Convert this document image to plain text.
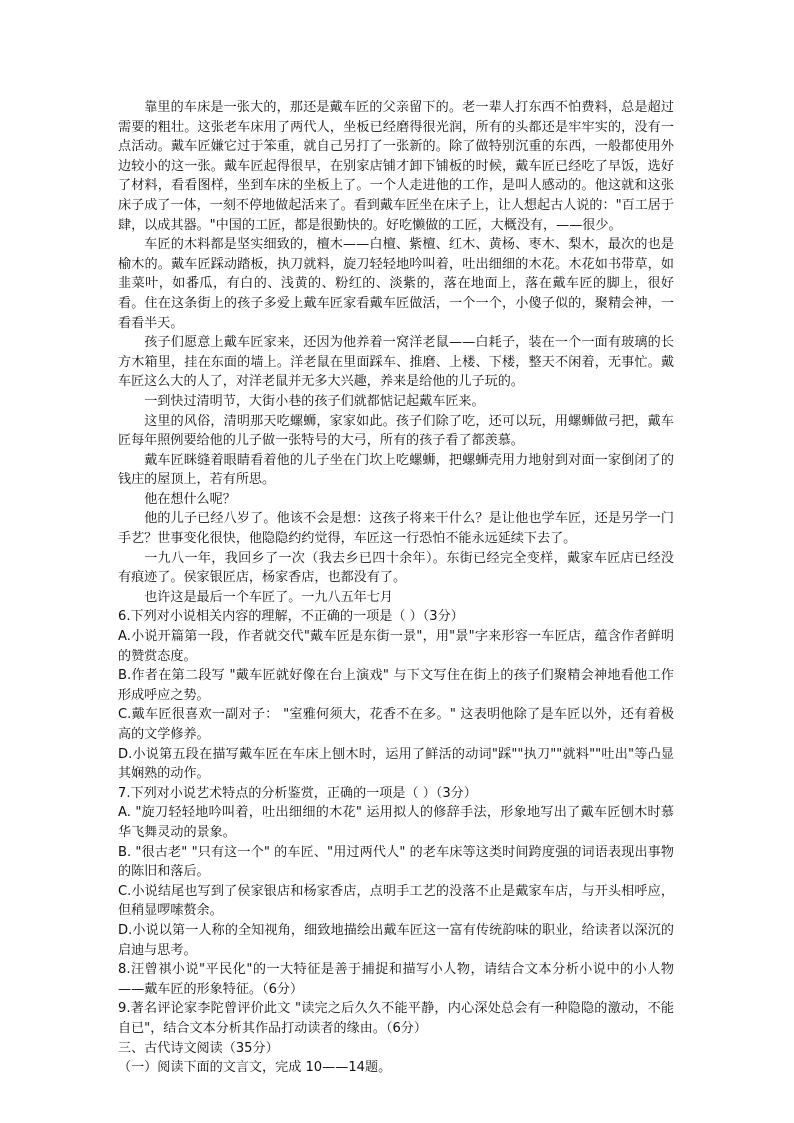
靠里的车床是一张大的，那还是戴车匠的父亲留下的。老一辈人打东西不怕费料，总是超过需要的粗壮。这张老车床用了两代人，坐板已经磨得很光润，所有的头都还是牢牢实的，没有一点活动。戴车匠嫌它过于笨重，就自己另打了一张新的。除了做特别沉重的东西，一般都使用外边较小的这一张。戴车匠起得很早，在别家店铺才卸下铺板的时候，戴车匠已经吃了早饭，选好了材料，看看图样，坐到车床的坐板上了。一个人走进他的工作，是叫人感动的。他这就和这张床子成了一体，一刻不停地做起活来了。看到戴车匠坐在床子上，让人想起古人说的："百工居于肆，以成其器。"中国的工匠，都是很勤快的。好吃懒做的工匠，大概没有，——很少。

车匠的木料都是坚实细致的，檀木——白檀、紫檀、红木、黄杨、枣木、梨木，最次的也是榆木的。戴车匠踩动踏板，执刀就料，旋刀轻轻地吟叫着，吐出细细的木花。木花如书带草，如韭菜叶，如番瓜，有白的、浅黄的、粉红的、淡紫的，落在地面上，落在戴车匠的脚上，很好看。住在这条街上的孩子多爱上戴车匠家看戴车匠做活，一个一个，小傻子似的，聚精会神，一看看半天。

孩子们愿意上戴车匠家来，还因为他养着一窝洋老鼠——白耗子，装在一个一面有玻璃的长方木箱里，挂在东面的墙上。洋老鼠在里面踩车、推磨、上楼、下楼，整天不闲着，无事忙。戴车匠这么大的人了，对洋老鼠并无多大兴趣，养来是给他的儿子玩的。

一到快过清明节，大街小巷的孩子们就都惦记起戴车匠来。

这里的风俗，清明那天吃螺蛳，家家如此。孩子们除了吃，还可以玩，用螺蛳做弓把，戴车匠每年照例要给他的儿子做一张特号的大弓，所有的孩子看了都羡慕。

戴车匠眯缝着眼睛看着他的儿子坐在门坎上吃螺蛳，把螺蛳壳用力地射到对面一家倒闭了的钱庄的屋顶上，若有所思。

他在想什么呢？

他的儿子已经八岁了。他该不会是想：这孩子将来干什么？是让他也学车匠，还是另学一门手艺？世事变化很快，他隐隐约约觉得，车匠这一行恐怕不能永远延续下去了。

一九八一年，我回乡了一次（我去乡已四十余年）。东街已经完全变样，戴家车匠店已经没有痕迹了。侯家银匠店，杨家香店，也都没有了。

也许这是最后一个车匠了。一九八五年七月

6.下列对小说相关内容的理解，不正确的一项是（ ）（3分）

A.小说开篇第一段，作者就交代"戴车匠是东街一景"，用"景"字来形容一车匠店，蕴含作者鲜明的赞赏态度。

B.作者在第二段写 "戴车匠就好像在台上演戏" 与下文写住在街上的孩子们聚精会神地看他工作形成呼应之势。

C.戴车匠很喜欢一副对子： "室雅何须大，花香不在多。" 这表明他除了是车匠以外，还有着极高的文学修养。

D.小说第五段在描写戴车匠在车床上刨木时，运用了鲜活的动词"踩""执刀""就料""吐出"等凸显其娴熟的动作。

7.下列对小说艺术特点的分析鉴赏，正确的一项是（ ）（3分）

A. "旋刀轻轻地吟叫着，吐出细细的木花" 运用拟人的修辞手法，形象地写出了戴车匠刨木时慕华飞舞灵动的景象。

B. "很古老" "只有这一个" 的车匠、"用过两代人" 的老车床等这类时间跨度强的词语表现出事物的陈旧和落后。

C.小说结尾也写到了侯家银店和杨家香店，点明手工艺的没落不止是戴家车店，与开头相呼应，但稍显啰嗦赘余。

D.小说以第一人称的全知视角，细致地描绘出戴车匠这一富有传统韵味的职业，给读者以深沉的启迪与思考。

8.汪曾祺小说"平民化"的一大特征是善于捕捉和描写小人物，请结合文本分析小说中的小人物——戴车匠的形象特征。（6分）

9.著名评论家李陀曾评价此文 "读完之后久久不能平静，内心深处总会有一种隐隐的激动，不能自已"，结合文本分析其作品打动读者的缘由。（6分）

三、古代诗文阅读（35分）

（一）阅读下面的文言文，完成 10——14题。
